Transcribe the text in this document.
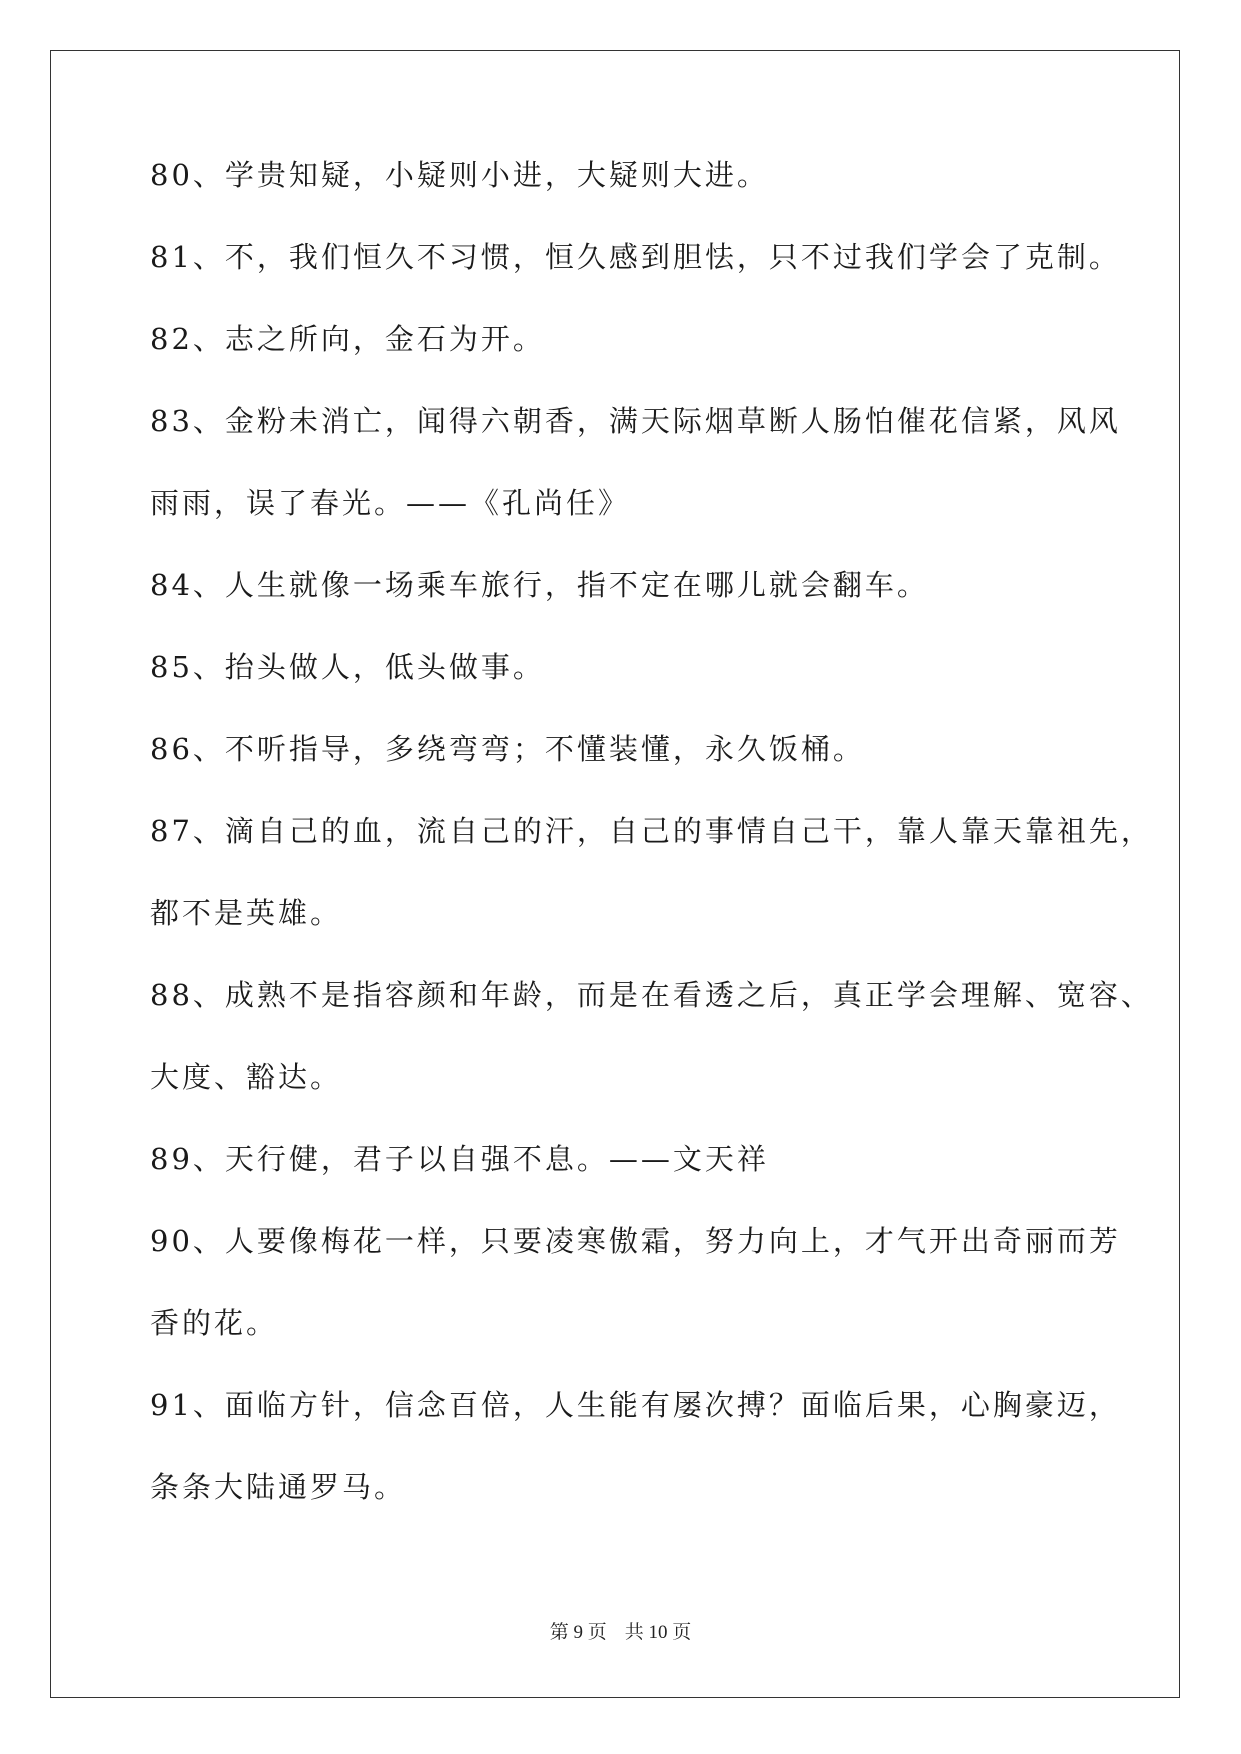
80、学贵知疑，小疑则小进，大疑则大进。
81、不，我们恒久不习惯，恒久感到胆怯，只不过我们学会了克制。
82、志之所向，金石为开。
83、金粉未消亡，闻得六朝香，满天际烟草断人肠怕催花信紧，风风
雨雨，误了春光。——《孔尚任》
84、人生就像一场乘车旅行，指不定在哪儿就会翻车。
85、抬头做人，低头做事。
86、不听指导，多绕弯弯；不懂装懂，永久饭桶。
87、滴自己的血，流自己的汗，自己的事情自己干，靠人靠天靠祖先，
都不是英雄。
88、成熟不是指容颜和年龄，而是在看透之后，真正学会理解、宽容、
大度、豁达。
89、天行健，君子以自强不息。——文天祥
90、人要像梅花一样，只要凌寒傲霜，努力向上，才气开出奇丽而芳
香的花。
91、面临方针，信念百倍，人生能有屡次搏？面临后果，心胸豪迈，
条条大陆通罗马。
第 9 页 共 10 页
